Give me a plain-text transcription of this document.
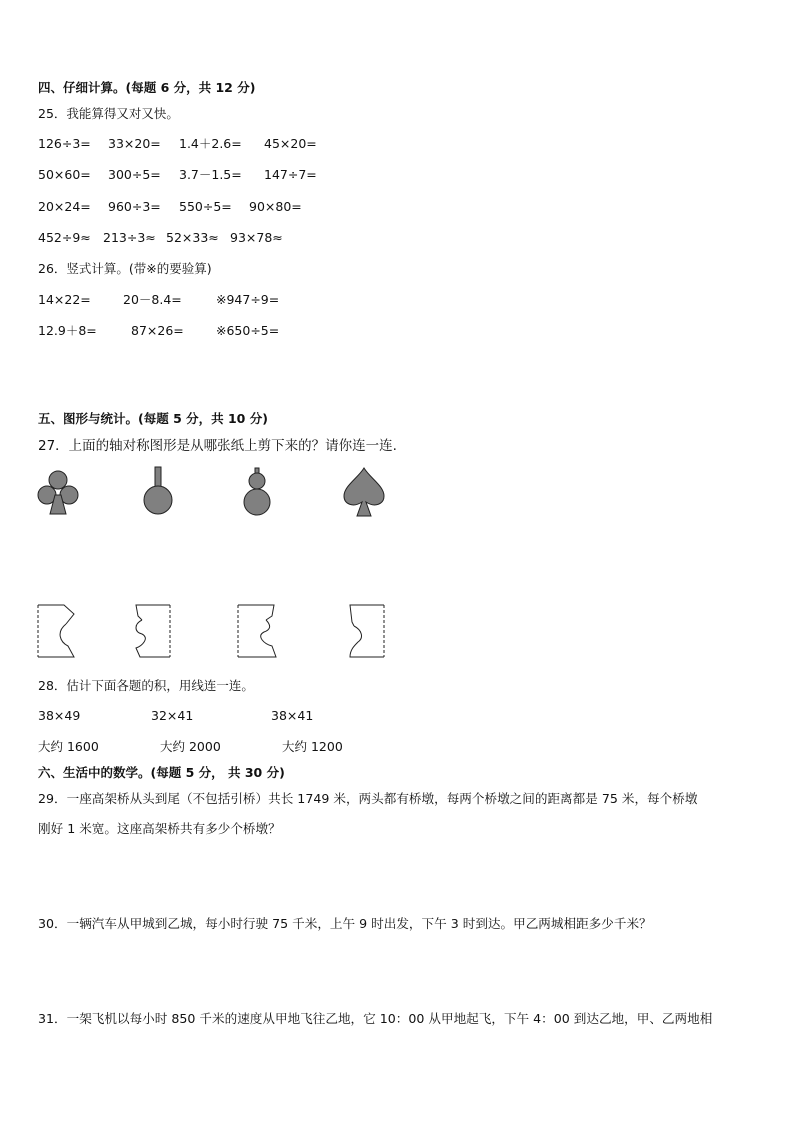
四、仔细计算。(每题 6 分，共 12 分)
25．我能算得又对又快。
126÷3= 33×20= 1.4＋2.6= 45×20=
50×60= 300÷5= 3.7－1.5= 147÷7=
20×24= 960÷3= 550÷5= 90×80=
452÷9≈ 213÷3≈ 52×33≈ 93×78≈
26．竖式计算。(带※的要验算)
14×22=	20－8.4=	※947÷9=
12.9＋8=	87×26=	※650÷5=
五、图形与统计。(每题 5 分，共 10 分)
27．上面的轴对称图形是从哪张纸上剪下来的？请你连一连.
28．估计下面各题的积，用线连一连。
38×49	32×41	38×41
大约 1600	大约 2000	大约 1200
六、生活中的数学。(每题 5 分， 共 30 分)
29．一座高架桥从头到尾（不包括引桥）共长 1749 米，两头都有桥墩，每两个桥墩之间的距离都是 75 米，每个桥墩
刚好 1 米宽。这座高架桥共有多少个桥墩？
30．一辆汽车从甲城到乙城，每小时行驶 75 千米，上午 9 时出发，下午 3 时到达。甲乙两城相距多少千米？
31．一架飞机以每小时 850 千米的速度从甲地飞往乙地，它 10：00 从甲地起飞，下午 4：00 到达乙地，甲、乙两地相
